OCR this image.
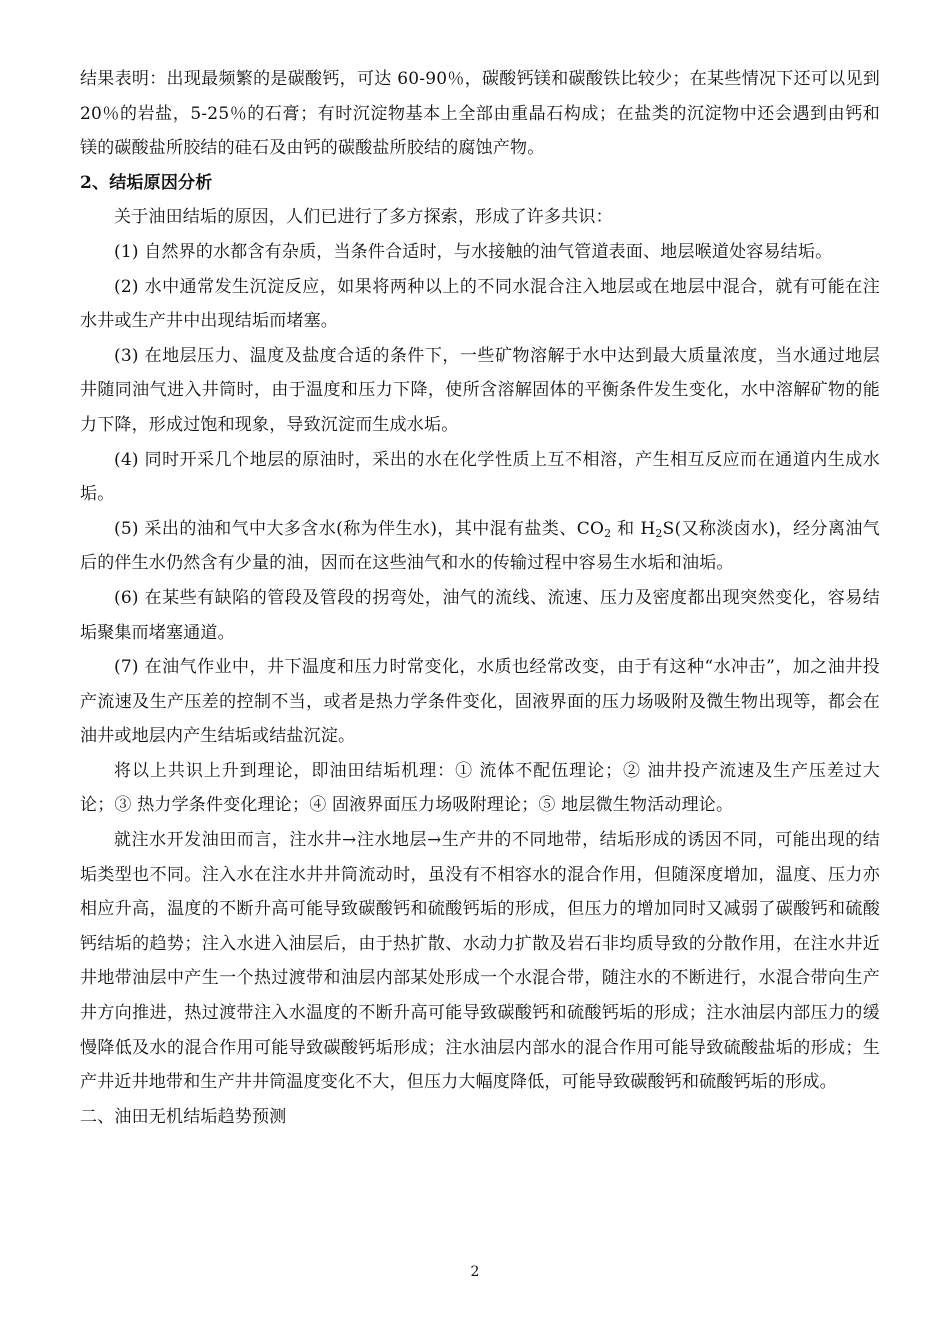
结果表明：出现最频繁的是碳酸钙，可达 60-90％，碳酸钙镁和碳酸铁比较少；在某些情况下还可以见到 20％的岩盐，5-25％的石膏；有时沉淀物基本上全部由重晶石构成；在盐类的沉淀物中还会遇到由钙和镁的碳酸盐所胶结的硅石及由钙的碳酸盐所胶结的腐蚀产物。

2、结垢原因分析

关于油田结垢的原因，人们已进行了多方探索，形成了许多共识：

(1) 自然界的水都含有杂质，当条件合适时，与水接触的油气管道表面、地层喉道处容易结垢。

(2) 水中通常发生沉淀反应，如果将两种以上的不同水混合注入地层或在地层中混合，就有可能在注水井或生产井中出现结垢而堵塞。

(3) 在地层压力、温度及盐度合适的条件下，一些矿物溶解于水中达到最大质量浓度，当水通过地层井随同油气进入井筒时，由于温度和压力下降，使所含溶解固体的平衡条件发生变化，水中溶解矿物的能力下降，形成过饱和现象，导致沉淀而生成水垢。

(4) 同时开采几个地层的原油时，采出的水在化学性质上互不相溶，产生相互反应而在通道内生成水垢。

(5) 采出的油和气中大多含水(称为伴生水)，其中混有盐类、$CO_2$ 和 $H_2S$(又称淡卤水)，经分离油气后的伴生水仍然含有少量的油，因而在这些油气和水的传输过程中容易生水垢和油垢。

(6) 在某些有缺陷的管段及管段的拐弯处，油气的流线、流速、压力及密度都出现突然变化，容易结垢聚集而堵塞通道。

(7) 在油气作业中，井下温度和压力时常变化，水质也经常改变，由于有这种“水冲击”，加之油井投产流速及生产压差的控制不当，或者是热力学条件变化，固液界面的压力场吸附及微生物出现等，都会在油井或地层内产生结垢或结盐沉淀。

将以上共识上升到理论，即油田结垢机理：① 流体不配伍理论；② 油井投产流速及生产压差过大论；③ 热力学条件变化理论；④ 固液界面压力场吸附理论；⑤ 地层微生物活动理论。

就注水开发油田而言，注水井→注水地层→生产井的不同地带，结垢形成的诱因不同，可能出现的结垢类型也不同。注入水在注水井井筒流动时，虽没有不相容水的混合作用，但随深度增加，温度、压力亦相应升高，温度的不断升高可能导致碳酸钙和硫酸钙垢的形成，但压力的增加同时又减弱了碳酸钙和硫酸钙结垢的趋势；注入水进入油层后，由于热扩散、水动力扩散及岩石非均质导致的分散作用，在注水井近井地带油层中产生一个热过渡带和油层内部某处形成一个水混合带，随注水的不断进行，水混合带向生产井方向推进，热过渡带注入水温度的不断升高可能导致碳酸钙和硫酸钙垢的形成；注水油层内部压力的缓慢降低及水的混合作用可能导致碳酸钙垢形成；注水油层内部水的混合作用可能导致硫酸盐垢的形成；生产井近井地带和生产井井筒温度变化不大，但压力大幅度降低，可能导致碳酸钙和硫酸钙垢的形成。

二、油田无机结垢趋势预测

2
